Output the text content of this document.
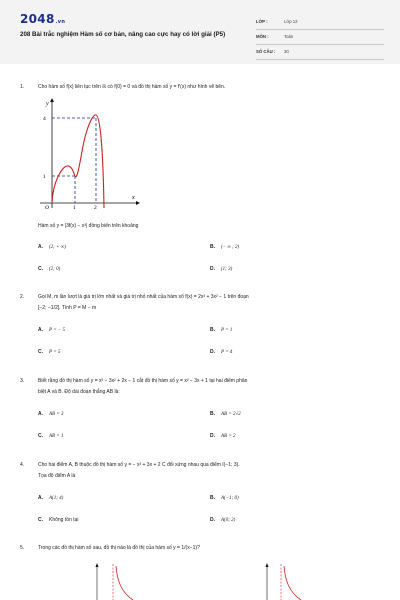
2048.vn
208 Bài trắc nghiệm Hàm số cơ bản, nâng cao cực hay có lời giải (P5)
LỚP :	Lớp 12
MÔN :	Toán
SỐ CÂU : 30
1.	Cho hàm số f(x) liên tục trên ℝ có f(0) = 0 và đồ thị hàm số y = f′(x) như hình vẽ bên.
y
x
4
1
O	1	2
Hàm số y = |3f(x) − x³| đồng biến trên khoảng
A. (2; + ∞)	B. (− ∞ ; 2)
C. (2; 0)	D. (1; 3)
2.	Gọi M, m lần lượt là giá trị lớn nhất và giá trị nhỏ nhất của hàm số f(x) = 2x³ + 3x² − 1 trên đoạn
[−2; −1/2]. Tính P = M − m
A. P = − 5	B. P = 1
C. P = 5	D. P = 4
3.	Biết rằng đồ thị hàm số y = x³ − 3x² + 2x − 1 cắt đồ thị hàm số y = x² − 3x + 1 tại hai điểm phân
biệt A và B. Độ dài đoạn thẳng AB là:
A. AB = 3	B. AB = 2√2
C. AB = 1	D. AB = 2
4.	Cho hai điểm A, B thuộc đồ thị hàm số y = − x³ + 3x + 2 C đối xứng nhau qua điểm I(−1; 3).
Tọa độ điểm A là
A. A(1; 4)	B. A(−1; 0)
C. Không tồn tại	D. A(0; 2)
5.	Trong các đồ thị hàm số sau, đồ thị nào là đồ thị của hàm số y = 1/(x−1)?
